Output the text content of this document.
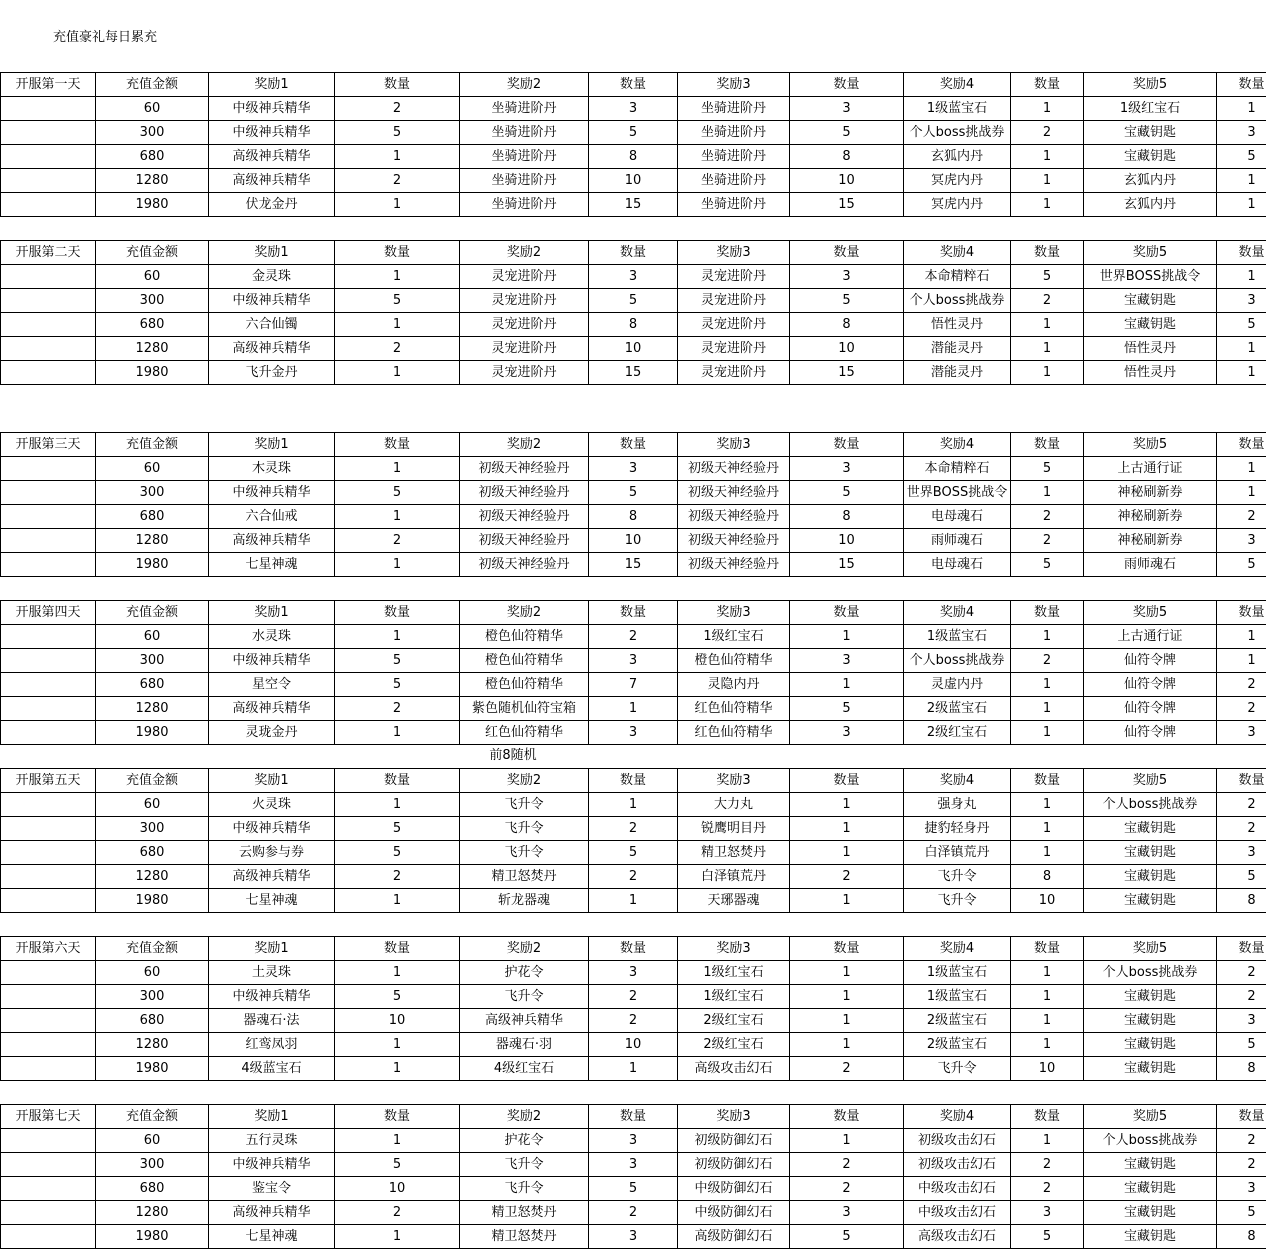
充值豪礼每日累充
前8随机
开服第一天	充值金额	奖励1	数量	奖励2	数量	奖励3	数量	奖励4	数量	奖励5	数量
	60	中级神兵精华	2	坐骑进阶丹	3	坐骑进阶丹	3	1级蓝宝石	1	1级红宝石	1
	300	中级神兵精华	5	坐骑进阶丹	5	坐骑进阶丹	5	个人boss挑战券	2	宝藏钥匙	3
	680	高级神兵精华	1	坐骑进阶丹	8	坐骑进阶丹	8	玄狐内丹	1	宝藏钥匙	5
	1280	高级神兵精华	2	坐骑进阶丹	10	坐骑进阶丹	10	冥虎内丹	1	玄狐内丹	1
	1980	伏龙金丹	1	坐骑进阶丹	15	坐骑进阶丹	15	冥虎内丹	1	玄狐内丹	1
开服第二天	充值金额	奖励1	数量	奖励2	数量	奖励3	数量	奖励4	数量	奖励5	数量
	60	金灵珠	1	灵宠进阶丹	3	灵宠进阶丹	3	本命精粹石	5	世界BOSS挑战令	1
	300	中级神兵精华	5	灵宠进阶丹	5	灵宠进阶丹	5	个人boss挑战券	2	宝藏钥匙	3
	680	六合仙镯	1	灵宠进阶丹	8	灵宠进阶丹	8	悟性灵丹	1	宝藏钥匙	5
	1280	高级神兵精华	2	灵宠进阶丹	10	灵宠进阶丹	10	潜能灵丹	1	悟性灵丹	1
	1980	飞升金丹	1	灵宠进阶丹	15	灵宠进阶丹	15	潜能灵丹	1	悟性灵丹	1
开服第三天	充值金额	奖励1	数量	奖励2	数量	奖励3	数量	奖励4	数量	奖励5	数量
	60	木灵珠	1	初级天神经验丹	3	初级天神经验丹	3	本命精粹石	5	上古通行证	1
	300	中级神兵精华	5	初级天神经验丹	5	初级天神经验丹	5	世界BOSS挑战令	1	神秘刷新券	1
	680	六合仙戒	1	初级天神经验丹	8	初级天神经验丹	8	电母魂石	2	神秘刷新券	2
	1280	高级神兵精华	2	初级天神经验丹	10	初级天神经验丹	10	雨师魂石	2	神秘刷新券	3
	1980	七星神魂	1	初级天神经验丹	15	初级天神经验丹	15	电母魂石	5	雨师魂石	5
开服第四天	充值金额	奖励1	数量	奖励2	数量	奖励3	数量	奖励4	数量	奖励5	数量
	60	水灵珠	1	橙色仙符精华	2	1级红宝石	1	1级蓝宝石	1	上古通行证	1
	300	中级神兵精华	5	橙色仙符精华	3	橙色仙符精华	3	个人boss挑战券	2	仙符令牌	1
	680	星空令	5	橙色仙符精华	7	灵隐内丹	1	灵虚内丹	1	仙符令牌	2
	1280	高级神兵精华	2	紫色随机仙符宝箱	1	红色仙符精华	5	2级蓝宝石	1	仙符令牌	2
	1980	灵珑金丹	1	红色仙符精华	3	红色仙符精华	3	2级红宝石	1	仙符令牌	3
开服第五天	充值金额	奖励1	数量	奖励2	数量	奖励3	数量	奖励4	数量	奖励5	数量
	60	火灵珠	1	飞升令	1	大力丸	1	强身丸	1	个人boss挑战券	2
	300	中级神兵精华	5	飞升令	2	锐鹰明目丹	1	捷豹轻身丹	1	宝藏钥匙	2
	680	云购参与券	5	飞升令	5	精卫怒焚丹	1	白泽镇荒丹	1	宝藏钥匙	3
	1280	高级神兵精华	2	精卫怒焚丹	2	白泽镇荒丹	2	飞升令	8	宝藏钥匙	5
	1980	七星神魂	1	斩龙器魂	1	天琊器魂	1	飞升令	10	宝藏钥匙	8
开服第六天	充值金额	奖励1	数量	奖励2	数量	奖励3	数量	奖励4	数量	奖励5	数量
	60	土灵珠	1	护花令	3	1级红宝石	1	1级蓝宝石	1	个人boss挑战券	2
	300	中级神兵精华	5	飞升令	2	1级红宝石	1	1级蓝宝石	1	宝藏钥匙	2
	680	器魂石·法	10	高级神兵精华	2	2级红宝石	1	2级蓝宝石	1	宝藏钥匙	3
	1280	红鸾凤羽	1	器魂石·羽	10	2级红宝石	1	2级蓝宝石	1	宝藏钥匙	5
	1980	4级蓝宝石	1	4级红宝石	1	高级攻击幻石	2	飞升令	10	宝藏钥匙	8
开服第七天	充值金额	奖励1	数量	奖励2	数量	奖励3	数量	奖励4	数量	奖励5	数量
	60	五行灵珠	1	护花令	3	初级防御幻石	1	初级攻击幻石	1	个人boss挑战券	2
	300	中级神兵精华	5	飞升令	3	初级防御幻石	2	初级攻击幻石	2	宝藏钥匙	2
	680	鉴宝令	10	飞升令	5	中级防御幻石	2	中级攻击幻石	2	宝藏钥匙	3
	1280	高级神兵精华	2	精卫怒焚丹	2	中级防御幻石	3	中级攻击幻石	3	宝藏钥匙	5
	1980	七星神魂	1	精卫怒焚丹	3	高级防御幻石	5	高级攻击幻石	5	宝藏钥匙	8
